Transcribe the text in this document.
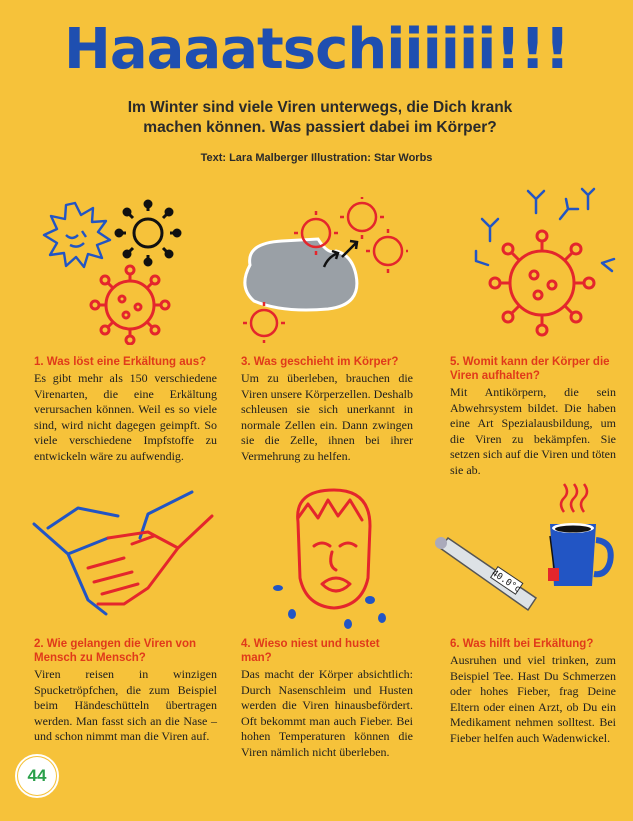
Haaaatschiiiiii!!!
Im Winter sind viele Viren unterwegs, die Dich krank machen können. Was passiert dabei im Körper?
Text: Lara Malberger Illustration: Star Worbs
1. Was löst eine Erkältung aus?

Es gibt mehr als 150 verschiedene Virenarten, die eine Erkältung verursachen können. Weil es so viele sind, wird nicht dagegen geimpft. So viele verschiedene Impfstoffe zu entwickeln wäre zu aufwendig.

3. Was geschieht im Körper?

Um zu überleben, brauchen die Viren unsere Körperzellen. Deshalb schleusen sie sich unerkannt in normale Zellen ein. Dann zwingen sie die Zelle, ihnen bei ihrer Vermehrung zu helfen.

5. Womit kann der Körper die Viren aufhalten?

Mit Antikörpern, die sein Abwehrsystem bildet. Die haben eine Art Spezialausbildung, um die Viren zu bekämpfen. Sie setzen sich auf die Viren und töten sie ab.

40.0°c
2. Wie gelangen die Viren von Mensch zu Mensch?

Viren reisen in winzigen Spucketröpfchen, die zum Beispiel beim Händeschütteln übertragen werden. Man fasst sich an die Nase – und schon nimmt man die Viren auf.

4. Wieso niest und hustet man?

Das macht der Körper absichtlich: Durch Nasenschleim und Husten werden die Viren hinausbefördert. Oft bekommt man auch Fieber. Bei hohen Temperaturen können die Viren nämlich nicht überleben.

6. Was hilft bei Erkältung?

Ausruhen und viel trinken, zum Beispiel Tee. Hast Du Schmerzen oder hohes Fieber, frag Deine Eltern oder einen Arzt, ob Du ein Medikament nehmen solltest. Bei Fieber helfen auch Wadenwickel.

44
